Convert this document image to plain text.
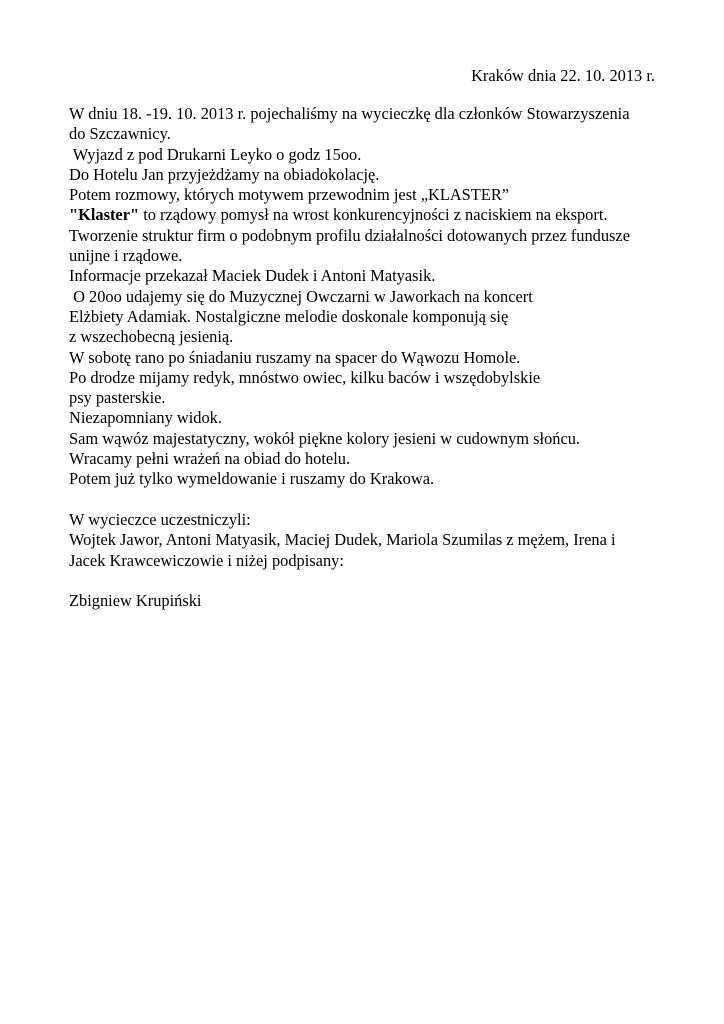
Kraków dnia 22. 10. 2013 r.
W dniu 18. -19. 10. 2013 r. pojechaliśmy na wycieczkę dla członków Stowarzyszenia
do Szczawnicy.
Wyjazd z pod Drukarni Leyko o godz 15oo.
Do Hotelu Jan przyjeżdżamy na obiadokolację.
Potem rozmowy, których motywem przewodnim jest „KLASTER”
"Klaster" to rządowy pomysł na wrost konkurencyjności z naciskiem na eksport.
Tworzenie struktur firm o podobnym profilu działalności dotowanych przez fundusze
unijne i rządowe.
Informacje przekazał Maciek Dudek i Antoni Matyasik.
O 20oo udajemy się do Muzycznej Owczarni w Jaworkach na koncert
Elżbiety Adamiak. Nostalgiczne melodie doskonale komponują się
z wszechobecną jesienią.
W sobotę rano po śniadaniu ruszamy na spacer do Wąwozu Homole.
Po drodze mijamy redyk, mnóstwo owiec, kilku baców i wszędobylskie
psy pasterskie.
Niezapomniany widok.
Sam wąwóz majestatyczny, wokół piękne kolory jesieni w cudownym słońcu.
Wracamy pełni wrażeń na obiad do hotelu.
Potem już tylko wymeldowanie i ruszamy do Krakowa.
W wycieczce uczestniczyli:
Wojtek Jawor, Antoni Matyasik, Maciej Dudek, Mariola Szumilas z mężem, Irena i
Jacek Krawcewiczowie i niżej podpisany:
Zbigniew Krupiński
